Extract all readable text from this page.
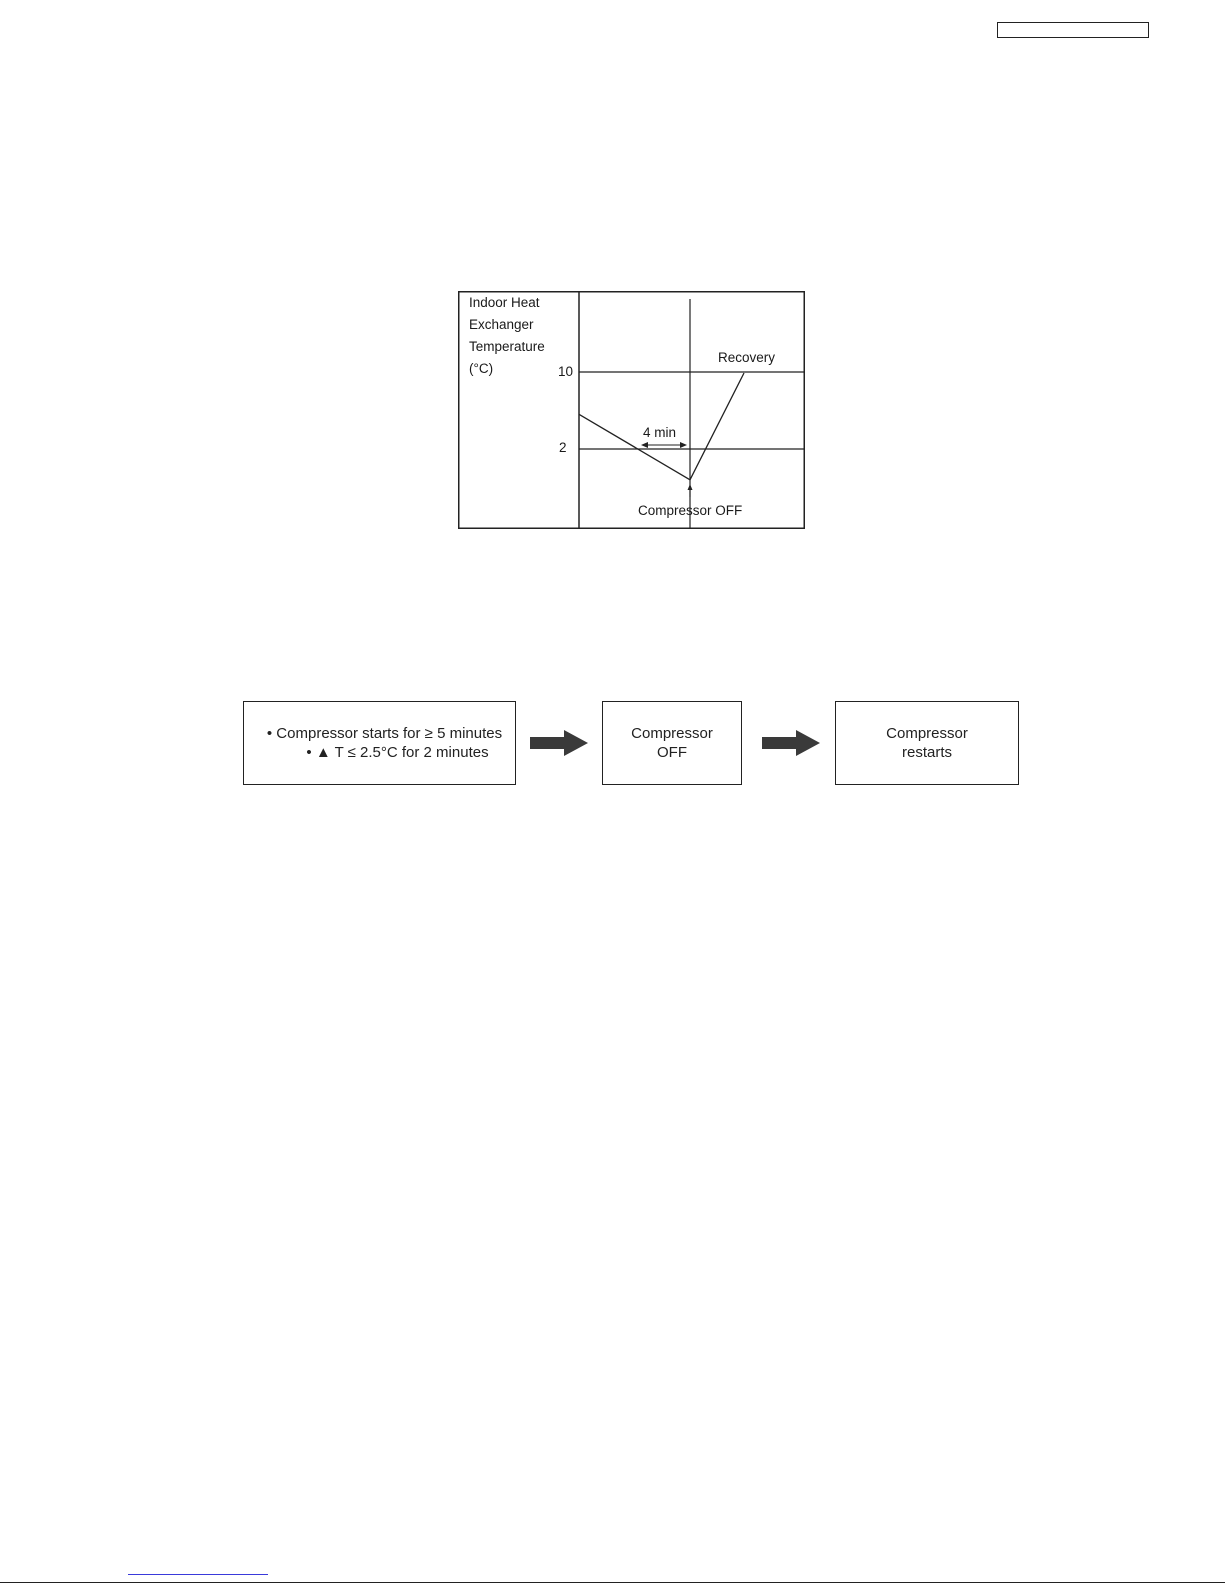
Indoor Heat
Exchanger
Temperature
(°C)	10
2
4 min
Recovery
Compressor OFF
• Compressor starts for ≥ 5 minutes
• ▲ T ≤ 2.5°C for 2 minutes
Compressor
OFF
Compressor
restarts
